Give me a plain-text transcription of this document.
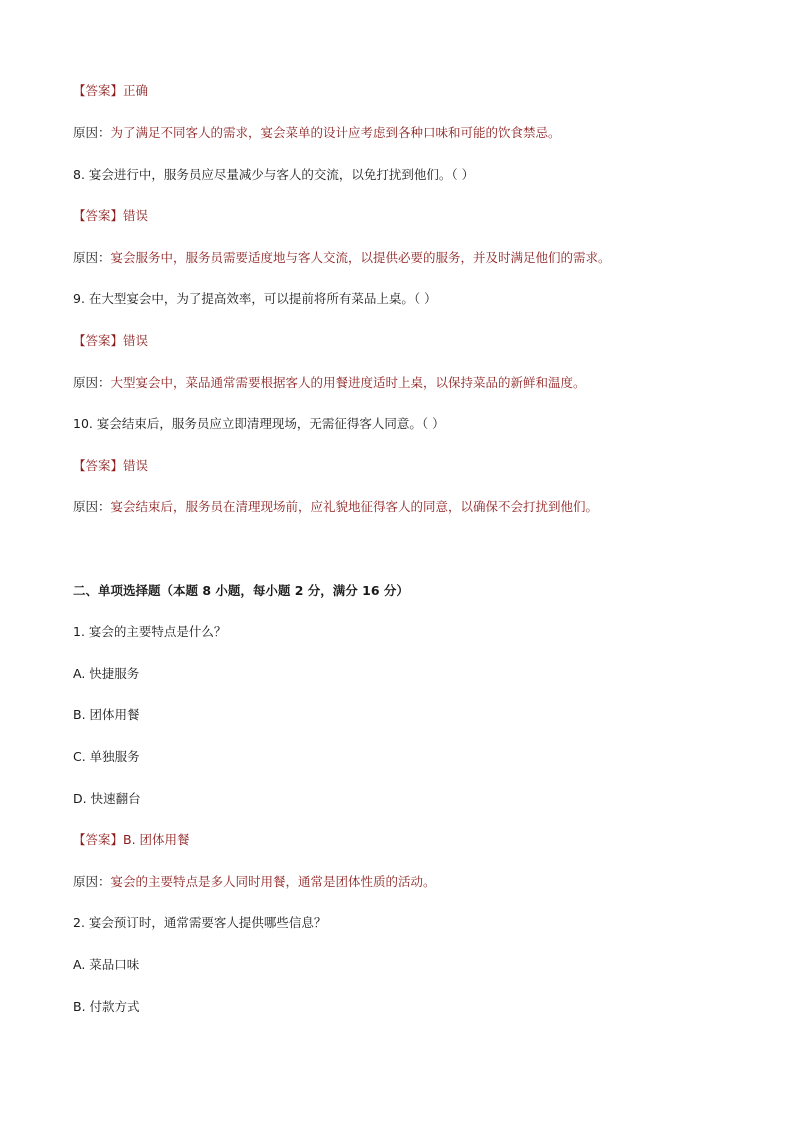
【答案】正确
原因：为了满足不同客人的需求，宴会菜单的设计应考虑到各种口味和可能的饮食禁忌。
8. 宴会进行中，服务员应尽量减少与客人的交流，以免打扰到他们。（ ）
【答案】错误
原因：宴会服务中，服务员需要适度地与客人交流，以提供必要的服务，并及时满足他们的需求。
9. 在大型宴会中，为了提高效率，可以提前将所有菜品上桌。（ ）
【答案】错误
原因：大型宴会中，菜品通常需要根据客人的用餐进度适时上桌，以保持菜品的新鲜和温度。
10. 宴会结束后，服务员应立即清理现场，无需征得客人同意。（ ）
【答案】错误
原因：宴会结束后，服务员在清理现场前，应礼貌地征得客人的同意，以确保不会打扰到他们。
二、单项选择题（本题 8 小题，每小题 2 分，满分 16 分）
1. 宴会的主要特点是什么？
A. 快捷服务
B. 团体用餐
C. 单独服务
D. 快速翻台
【答案】B. 团体用餐
原因：宴会的主要特点是多人同时用餐，通常是团体性质的活动。
2. 宴会预订时，通常需要客人提供哪些信息？
A. 菜品口味
B. 付款方式
